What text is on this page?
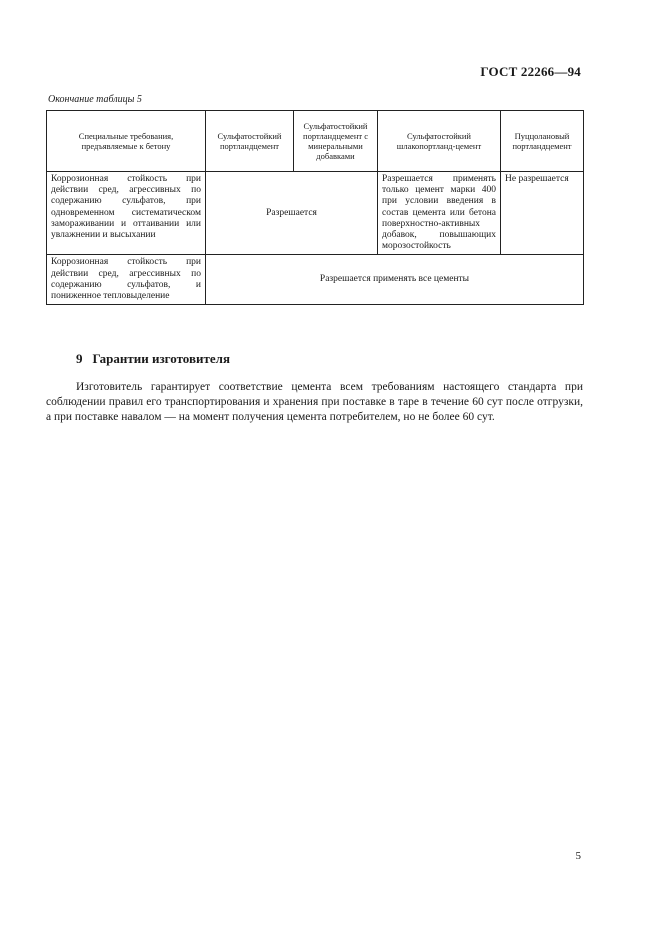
ГОСТ 22266—94
Окончание таблицы 5
Специальные требования, предъявляемые к бетону	Сульфатостойкий портландцемент	Сульфатостойкий портландцемент с минеральными добавками	Сульфатостойкий шлакопортланд-цемент	Пуццолановый портландцемент
Коррозионная стойкость при действии сред, агрессивных по содержанию сульфатов, при одновременном систематическом замораживании и оттаивании или увлажнении и высыхании	Разрешается		Разрешается применять только цемент марки 400 при условии введения в состав цемента или бетона поверхностно-активных добавок, повышающих морозостойкость	Не разрешается
Коррозионная стойкость при действии сред, агрессивных по содержанию сульфатов, и пониженное тепловыделение	Разрешается применять все цементы			
9 Гарантии изготовителя
Изготовитель гарантирует соответствие цемента всем требованиям настоящего стандарта при соблюдении правил его транспортирования и хранения при поставке в таре в течение 60 сут после отгрузки, а при поставке навалом — на момент получения цемента потребителем, но не более 60 сут.
5
